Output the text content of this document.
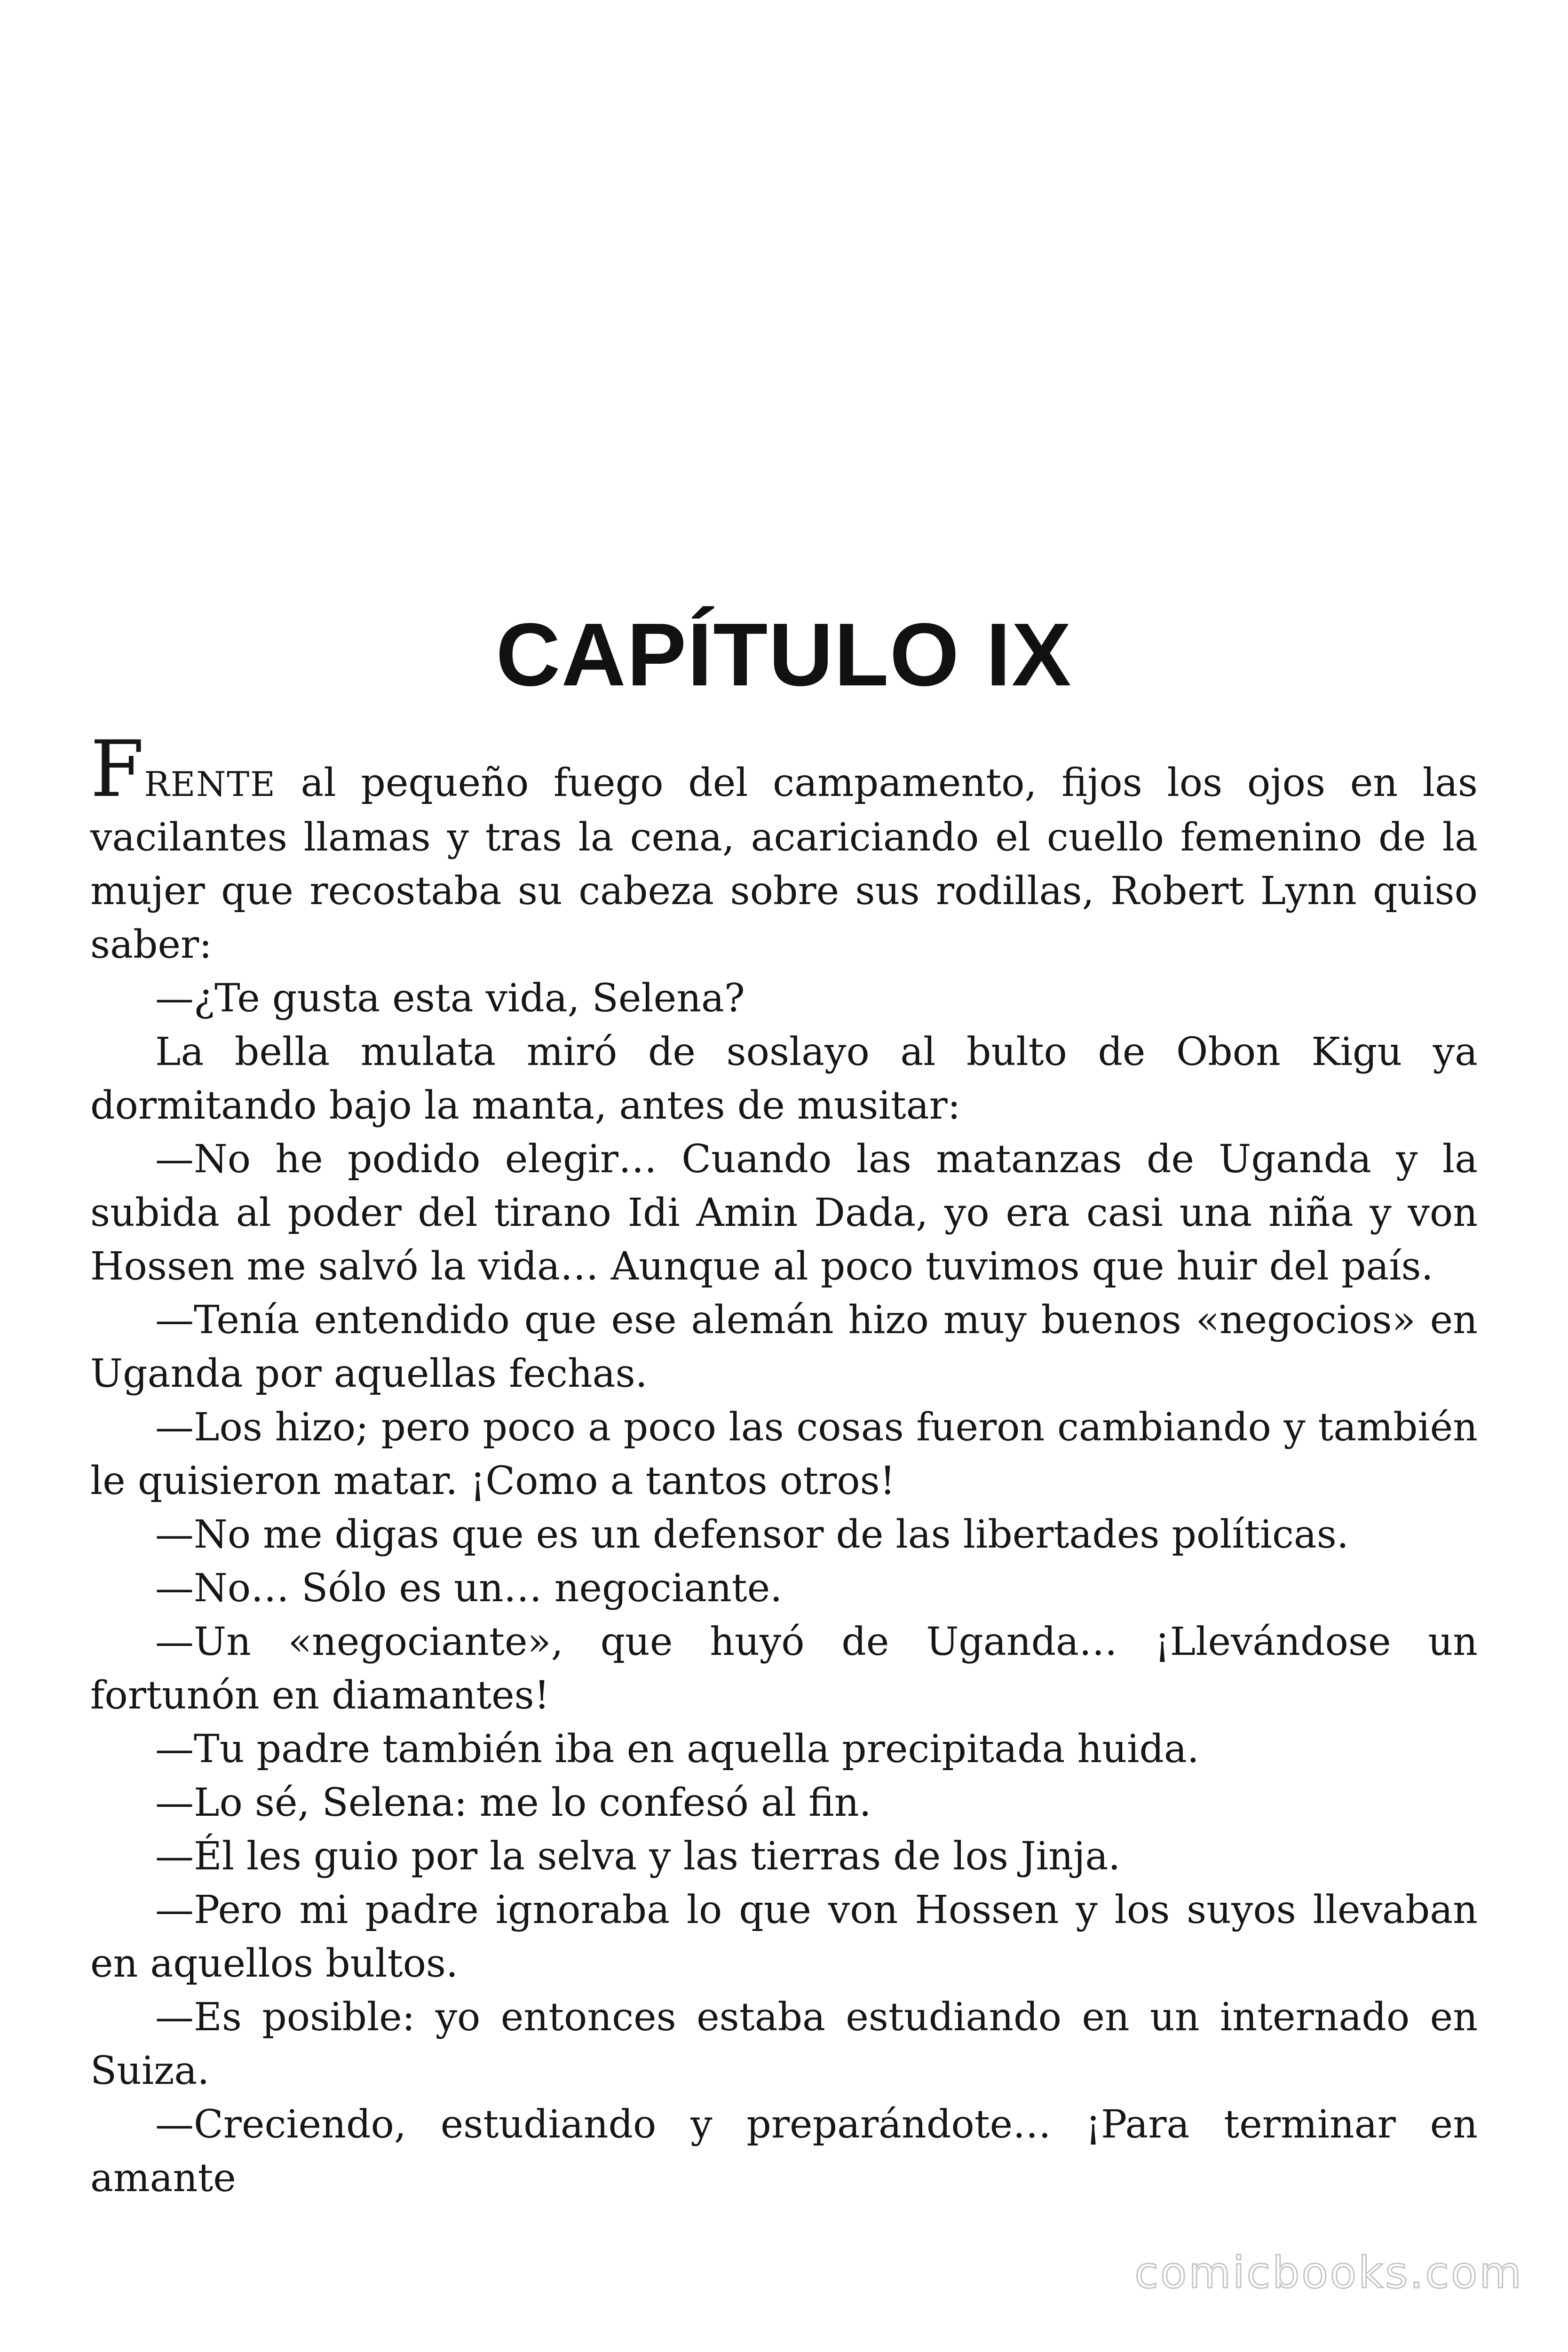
CAPÍTULO IX

FRENTE al pequeño fuego del campamento, fijos los ojos en las vacilantes llamas y tras la cena, acariciando el cuello femenino de la mujer que recostaba su cabeza sobre sus rodillas, Robert Lynn quiso saber:

—¿Te gusta esta vida, Selena?

La bella mulata miró de soslayo al bulto de Obon Kigu ya dormitando bajo la manta, antes de musitar:

—No he podido elegir… Cuando las matanzas de Uganda y la subida al poder del tirano Idi Amin Dada, yo era casi una niña y von Hossen me salvó la vida… Aunque al poco tuvimos que huir del país.

—Tenía entendido que ese alemán hizo muy buenos «negocios» en Uganda por aquellas fechas.

—Los hizo; pero poco a poco las cosas fueron cambiando y también le quisieron matar. ¡Como a tantos otros!

—No me digas que es un defensor de las libertades políticas.

—No… Sólo es un… negociante.

—Un «negociante», que huyó de Uganda… ¡Llevándose un fortunón en diamantes!

—Tu padre también iba en aquella precipitada huida.

—Lo sé, Selena: me lo confesó al fin.

—Él les guio por la selva y las tierras de los Jinja.

—Pero mi padre ignoraba lo que von Hossen y los suyos llevaban en aquellos bultos.

—Es posible: yo entonces estaba estudiando en un internado en Suiza.

—Creciendo, estudiando y preparándote… ¡Para terminar en amante

comicbooks.com
